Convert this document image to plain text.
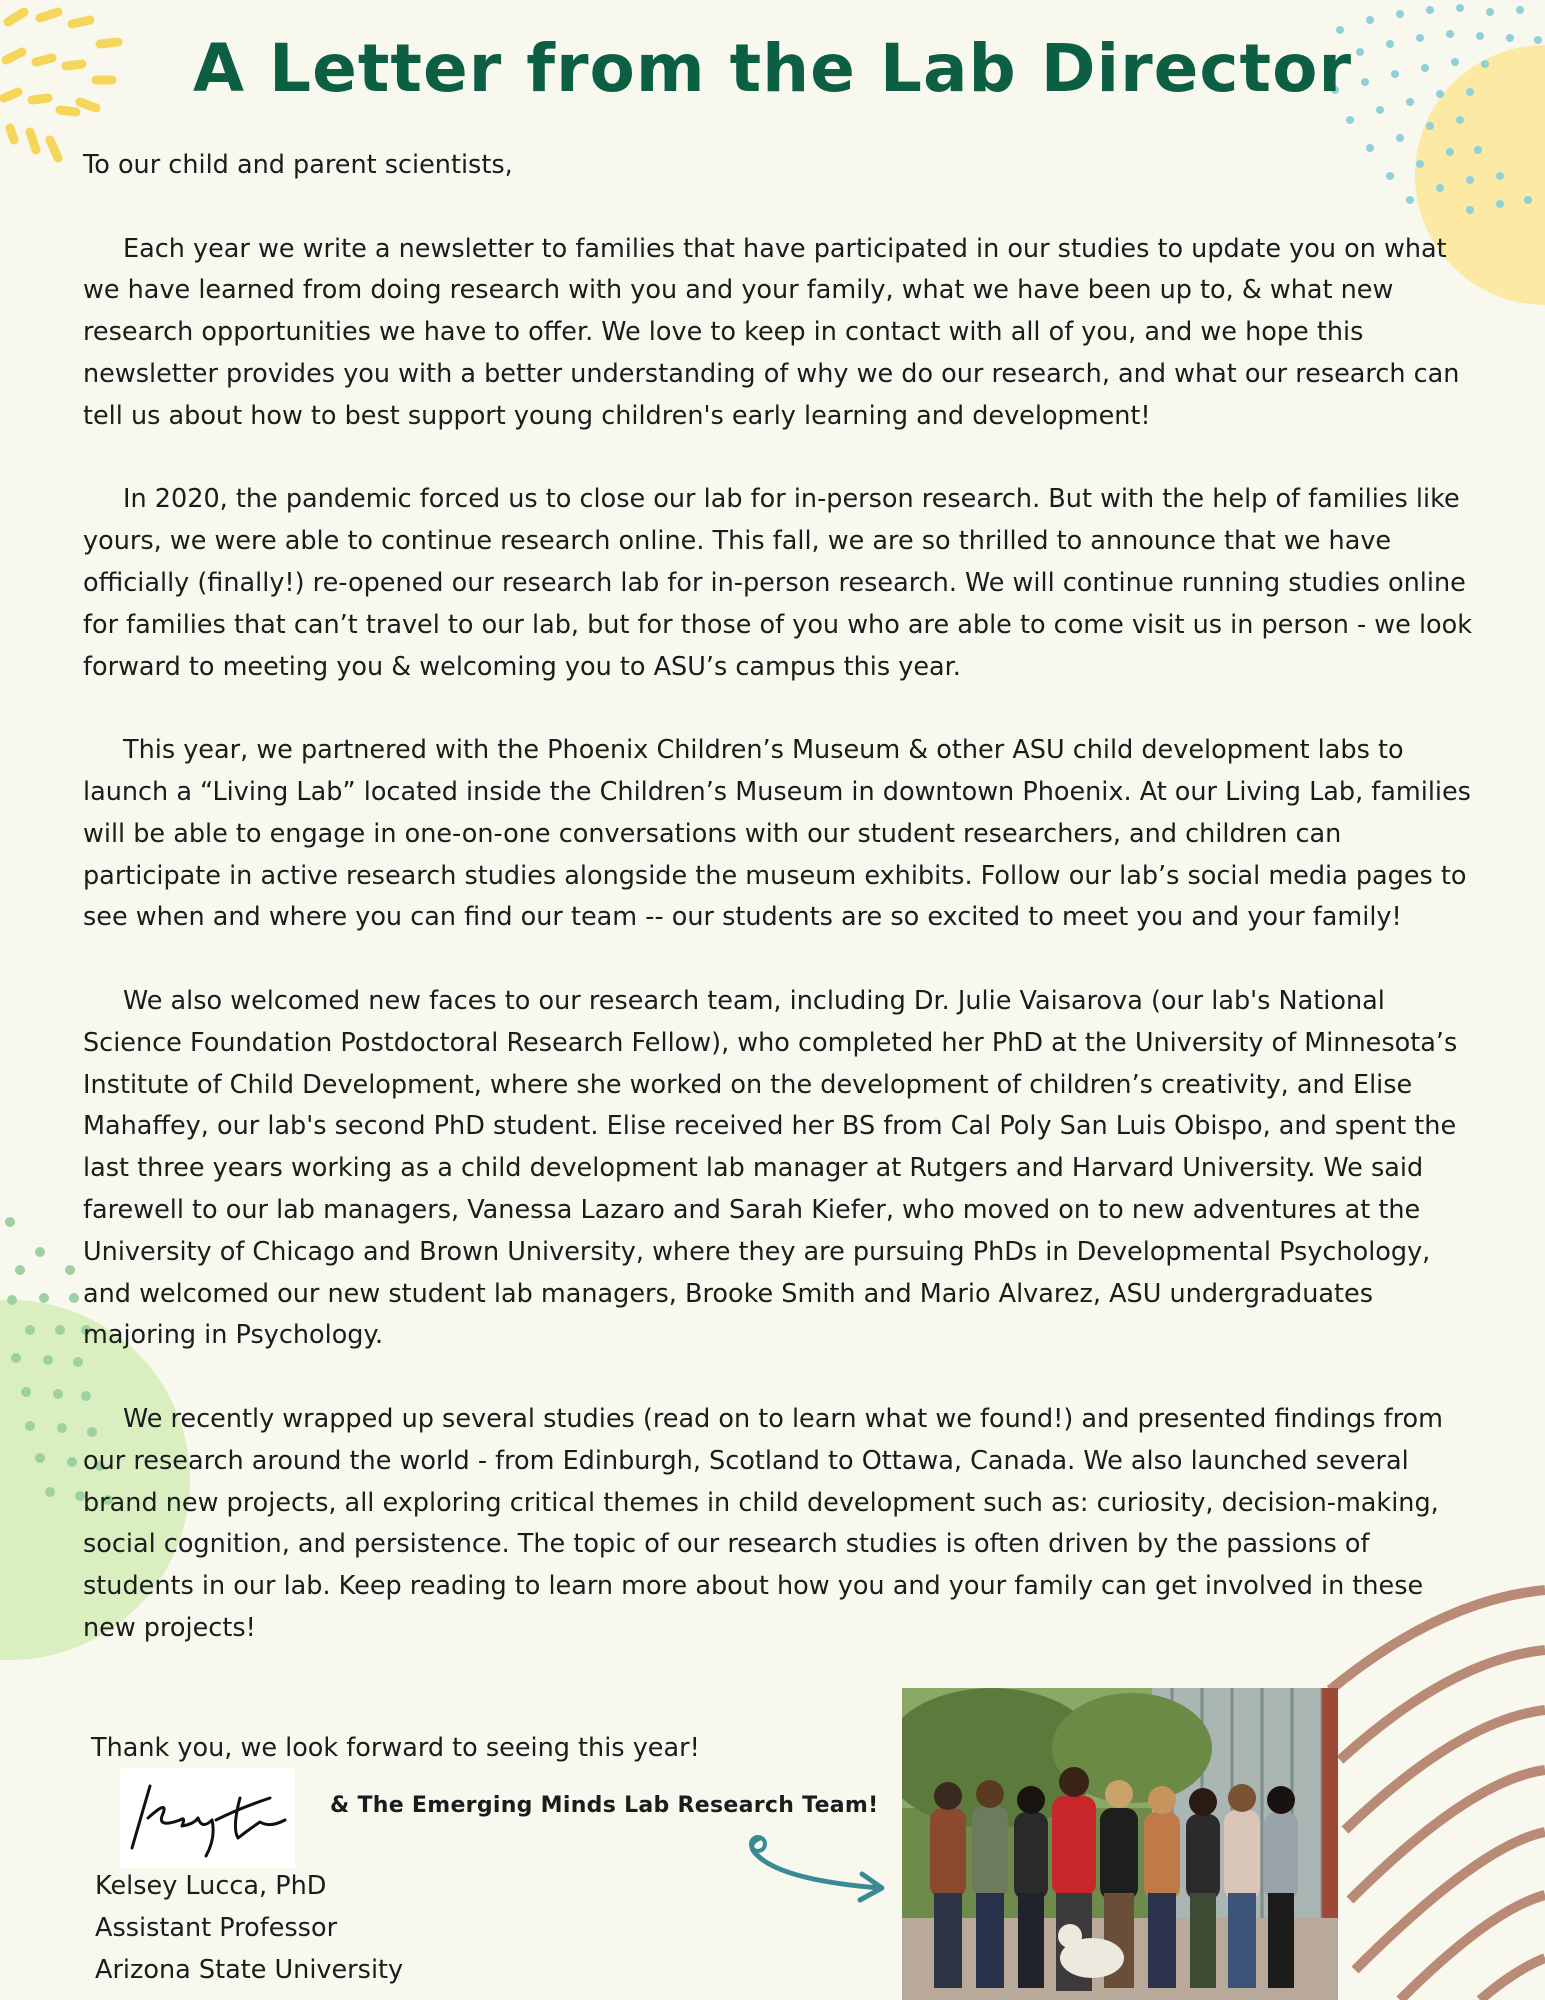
A Letter from the Lab Director

To our child and parent scientists,

Each year we write a newsletter to families that have participated in our studies to update you on what we have learned from doing research with you and your family, what we have been up to, & what new research opportunities we have to offer. We love to keep in contact with all of you, and we hope this newsletter provides you with a better understanding of why we do our research, and what our research can tell us about how to best support young children's early learning and development!

In 2020, the pandemic forced us to close our lab for in-person research. But with the help of families like yours, we were able to continue research online. This fall, we are so thrilled to announce that we have officially (finally!) re-opened our research lab for in-person research. We will continue running studies online for families that can’t travel to our lab, but for those of you who are able to come visit us in person - we look forward to meeting you & welcoming you to ASU’s campus this year.

This year, we partnered with the Phoenix Children’s Museum & other ASU child development labs to launch a “Living Lab” located inside the Children’s Museum in downtown Phoenix. At our Living Lab, families will be able to engage in one-on-one conversations with our student researchers, and children can participate in active research studies alongside the museum exhibits. Follow our lab’s social media pages to see when and where you can find our team -- our students are so excited to meet you and your family!

We also welcomed new faces to our research team, including Dr. Julie Vaisarova (our lab's National Science Foundation Postdoctoral Research Fellow), who completed her PhD at the University of Minnesota’s Institute of Child Development, where she worked on the development of children’s creativity, and Elise Mahaffey, our lab's second PhD student. Elise received her BS from Cal Poly San Luis Obispo, and spent the last three years working as a child development lab manager at Rutgers and Harvard University. We said farewell to our lab managers, Vanessa Lazaro and Sarah Kiefer, who moved on to new adventures at the University of Chicago and Brown University, where they are pursuing PhDs in Developmental Psychology, and welcomed our new student lab managers, Brooke Smith and Mario Alvarez, ASU undergraduates majoring in Psychology.

We recently wrapped up several studies (read on to learn what we found!) and presented findings from our research around the world - from Edinburgh, Scotland to Ottawa, Canada. We also launched several brand new projects, all exploring critical themes in child development such as: curiosity, decision-making, social cognition, and persistence. The topic of our research studies is often driven by the passions of students in our lab. Keep reading to learn more about how you and your family can get involved in these new projects!

Thank you, we look forward to seeing this year!
& The Emerging Minds Lab Research Team!
Kelsey Lucca, PhD
Assistant Professor
Arizona State University
